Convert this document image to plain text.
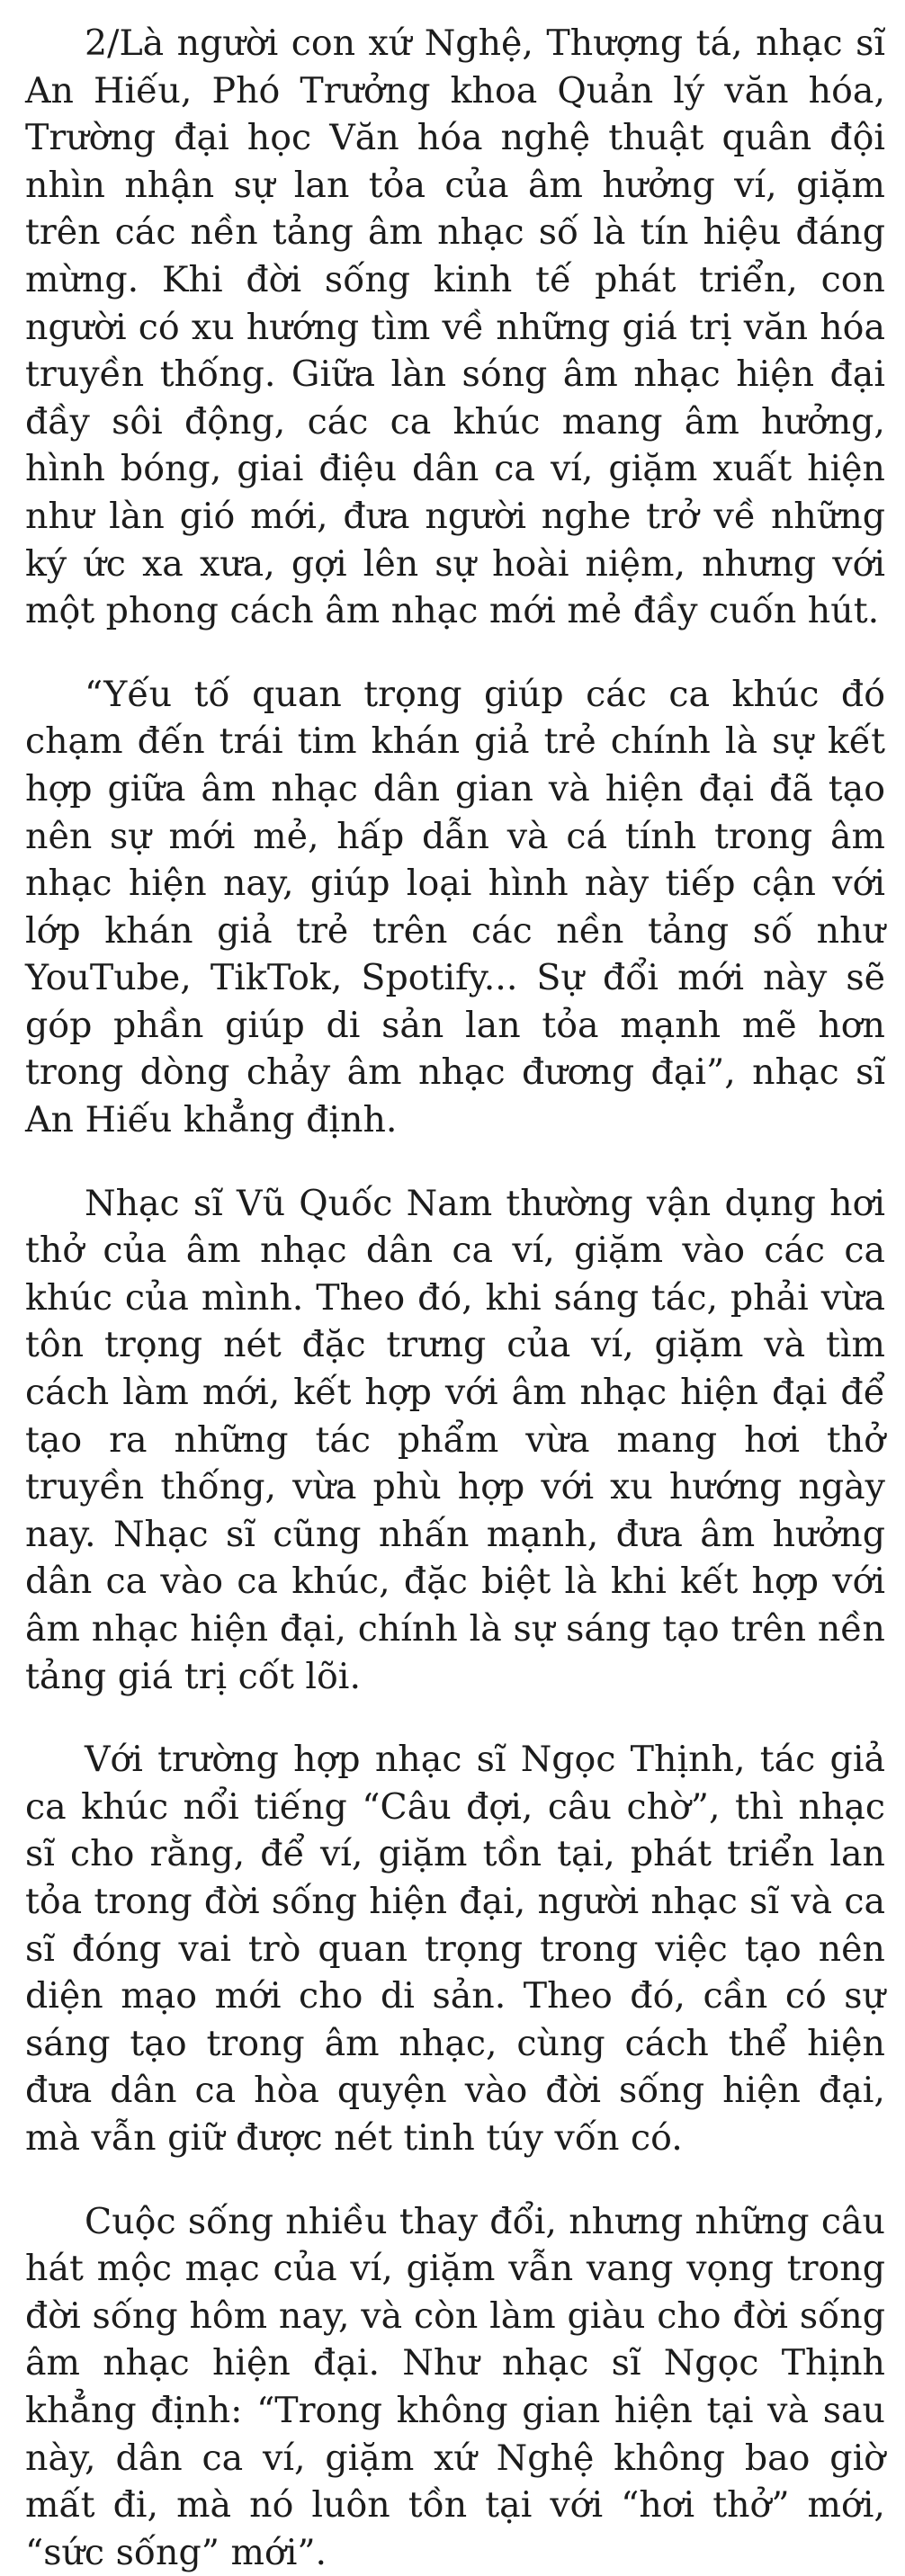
2/Là người con xứ Nghệ, Thượng tá, nhạc sĩ An Hiếu, Phó Trưởng khoa Quản lý văn hóa, Trường đại học Văn hóa nghệ thuật quân đội nhìn nhận sự lan tỏa của âm hưởng ví, giặm trên các nền tảng âm nhạc số là tín hiệu đáng mừng. Khi đời sống kinh tế phát triển, con người có xu hướng tìm về những giá trị văn hóa truyền thống. Giữa làn sóng âm nhạc hiện đại đầy sôi động, các ca khúc mang âm hưởng, hình bóng, giai điệu dân ca ví, giặm xuất hiện như làn gió mới, đưa người nghe trở về những ký ức xa xưa, gợi lên sự hoài niệm, nhưng với một phong cách âm nhạc mới mẻ đầy cuốn hút.

“Yếu tố quan trọng giúp các ca khúc đó chạm đến trái tim khán giả trẻ chính là sự kết hợp giữa âm nhạc dân gian và hiện đại đã tạo nên sự mới mẻ, hấp dẫn và cá tính trong âm nhạc hiện nay, giúp loại hình này tiếp cận với lớp khán giả trẻ trên các nền tảng số như YouTube, TikTok, Spotify... Sự đổi mới này sẽ góp phần giúp di sản lan tỏa mạnh mẽ hơn trong dòng chảy âm nhạc đương đại”, nhạc sĩ An Hiếu khẳng định.

Nhạc sĩ Vũ Quốc Nam thường vận dụng hơi thở của âm nhạc dân ca ví, giặm vào các ca khúc của mình. Theo đó, khi sáng tác, phải vừa tôn trọng nét đặc trưng của ví, giặm và tìm cách làm mới, kết hợp với âm nhạc hiện đại để tạo ra những tác phẩm vừa mang hơi thở truyền thống, vừa phù hợp với xu hướng ngày nay. Nhạc sĩ cũng nhấn mạnh, đưa âm hưởng dân ca vào ca khúc, đặc biệt là khi kết hợp với âm nhạc hiện đại, chính là sự sáng tạo trên nền tảng giá trị cốt lõi.

Với trường hợp nhạc sĩ Ngọc Thịnh, tác giả ca khúc nổi tiếng “Câu đợi, câu chờ”, thì nhạc sĩ cho rằng, để ví, giặm tồn tại, phát triển lan tỏa trong đời sống hiện đại, người nhạc sĩ và ca sĩ đóng vai trò quan trọng trong việc tạo nên diện mạo mới cho di sản. Theo đó, cần có sự sáng tạo trong âm nhạc, cùng cách thể hiện đưa dân ca hòa quyện vào đời sống hiện đại, mà vẫn giữ được nét tinh túy vốn có.

Cuộc sống nhiều thay đổi, nhưng những câu hát mộc mạc của ví, giặm vẫn vang vọng trong đời sống hôm nay, và còn làm giàu cho đời sống âm nhạc hiện đại. Như nhạc sĩ Ngọc Thịnh khẳng định: “Trong không gian hiện tại và sau này, dân ca ví, giặm xứ Nghệ không bao giờ mất đi, mà nó luôn tồn tại với “hơi thở” mới, “sức sống” mới”.
